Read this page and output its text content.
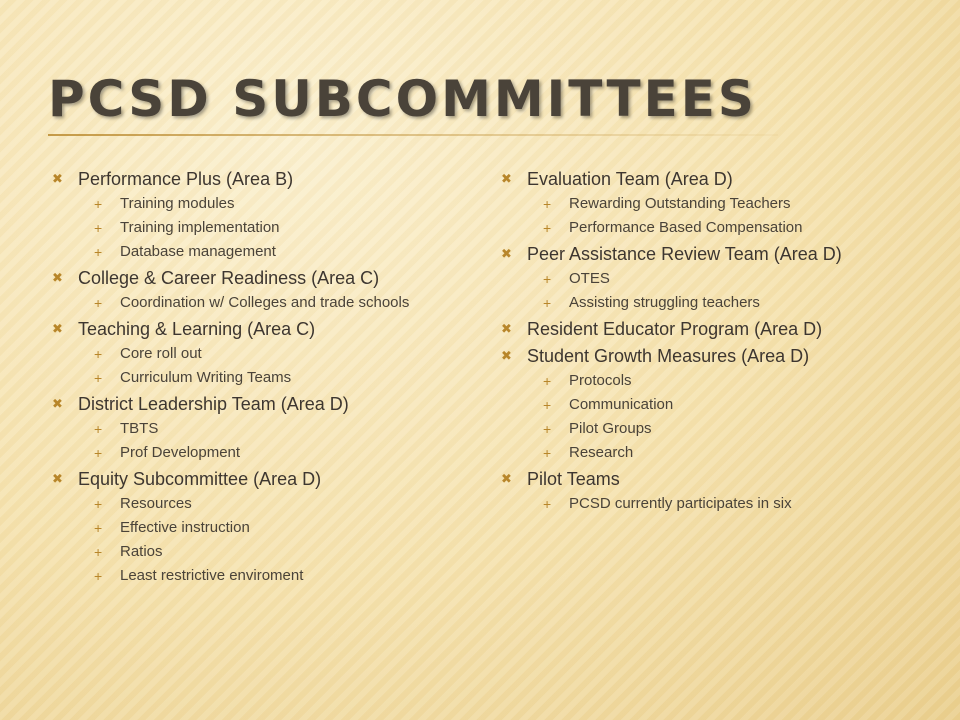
PCSD SUBCOMMITTEES
✖ Performance Plus (Area B)
+	Training modules
+	Training implementation
+	Database management
✖ College & Career Readiness (Area C)
+	Coordination w/ Colleges and trade schools
✖ Teaching & Learning (Area C)
+	Core roll out
+	Curriculum Writing Teams
✖ District Leadership Team (Area D)
+	TBTS
+	Prof Development
✖ Equity Subcommittee (Area D)
+	Resources
+	Effective instruction
+	Ratios
+	Least restrictive enviroment
✖ Evaluation Team (Area D)
+	Rewarding Outstanding Teachers
+	Performance Based Compensation
✖ Peer Assistance Review Team (Area D)
+	OTES
+	Assisting struggling teachers
✖ Resident Educator Program (Area D)
✖ Student Growth Measures (Area D)
+	Protocols
+	Communication
+	Pilot Groups
+	Research
✖ Pilot Teams
+	PCSD currently participates in six
